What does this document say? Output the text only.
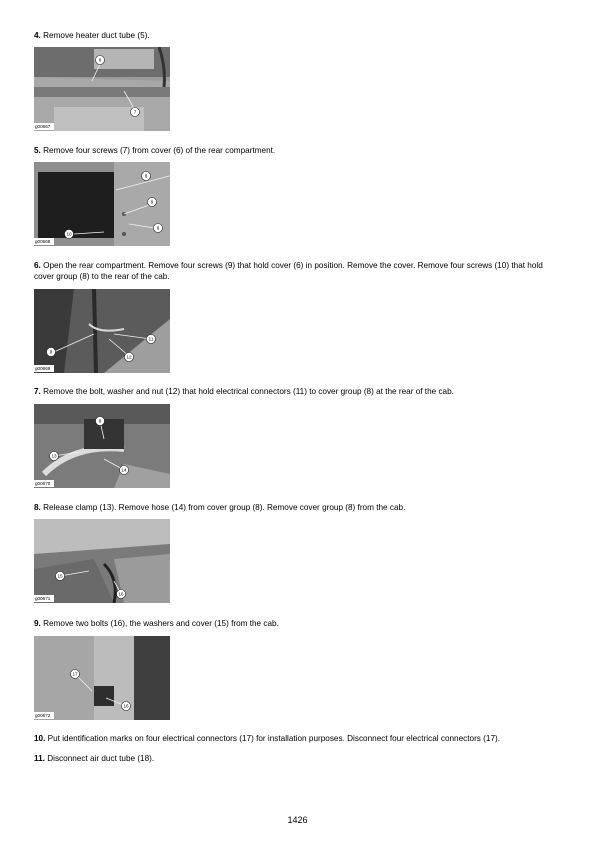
4. Remove heater duct tube (5).
6
7
g00667
5. Remove four screws (7) from cover (6) of the rear compartment.
8
9
10
6
g00668
6. Open the rear compartment. Remove four screws (9) that hold cover (6) in position. Remove the cover. Remove four screws (10) that hold cover group (8) to the rear of the cab.
11
8
12
g00669
7. Remove the bolt, washer and nut (12) that hold electrical connectors (11) to cover group (8) at the rear of the cab.
8
13
14
g00670
8. Release clamp (13). Remove hose (14) from cover group (8). Remove cover group (8) from the cab.
15
16
g00671
9. Remove two bolts (16), the washers and cover (15) from the cab.
17
16
g00672
10. Put identification marks on four electrical connectors (17) for installation purposes. Disconnect four electrical connectors (17).
11. Disconnect air duct tube (18).
1426
